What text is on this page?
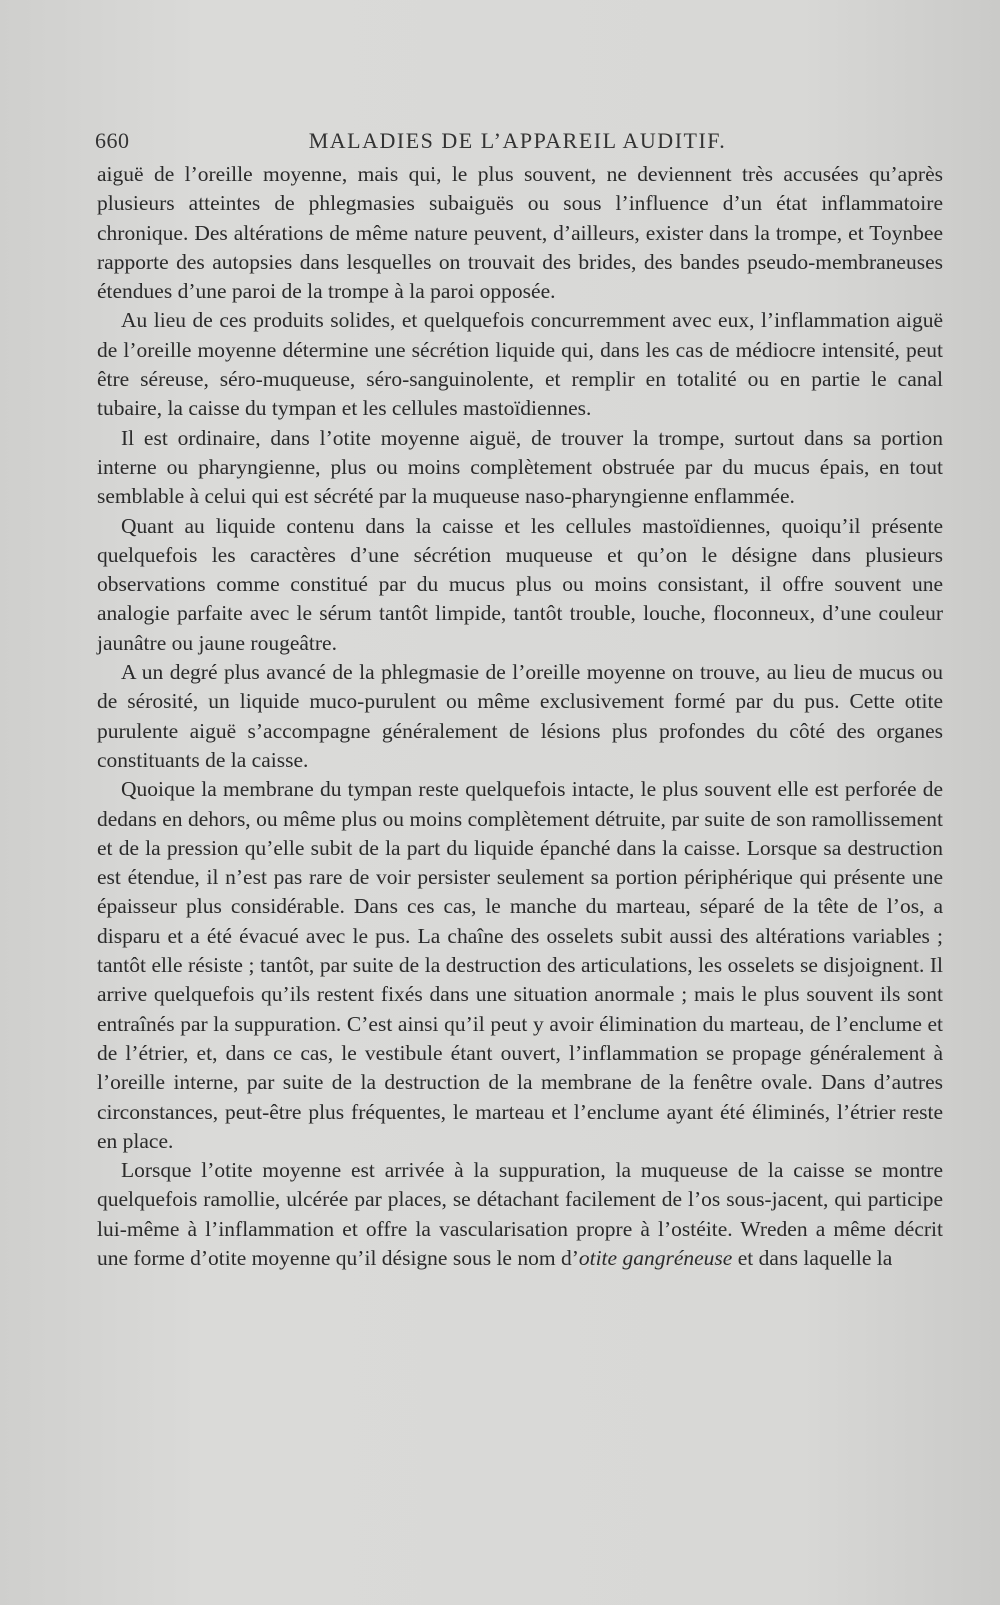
660	MALADIES DE L’APPAREIL AUDITIF.

aiguë de l’oreille moyenne, mais qui, le plus souvent, ne deviennent très accusées qu’après plusieurs atteintes de phlegmasies subaiguës ou sous l’influence d’un état inflammatoire chronique. Des altérations de même nature peuvent, d’ailleurs, exister dans la trompe, et Toynbee rapporte des autopsies dans lesquelles on trouvait des brides, des bandes pseudo-membraneuses étendues d’une paroi de la trompe à la paroi opposée.

Au lieu de ces produits solides, et quelquefois concurremment avec eux, l’inflammation aiguë de l’oreille moyenne détermine une sécrétion liquide qui, dans les cas de médiocre intensité, peut être séreuse, séro-muqueuse, séro-sanguinolente, et remplir en totalité ou en partie le canal tubaire, la caisse du tympan et les cellules mastoïdiennes.

Il est ordinaire, dans l’otite moyenne aiguë, de trouver la trompe, surtout dans sa portion interne ou pharyngienne, plus ou moins complètement obstruée par du mucus épais, en tout semblable à celui qui est sécrété par la muqueuse naso-pharyngienne enflammée.

Quant au liquide contenu dans la caisse et les cellules mastoïdiennes, quoiqu’il présente quelquefois les caractères d’une sécrétion muqueuse et qu’on le désigne dans plusieurs observations comme constitué par du mucus plus ou moins consistant, il offre souvent une analogie parfaite avec le sérum tantôt limpide, tantôt trouble, louche, floconneux, d’une couleur jaunâtre ou jaune rougeâtre.

A un degré plus avancé de la phlegmasie de l’oreille moyenne on trouve, au lieu de mucus ou de sérosité, un liquide muco-purulent ou même exclusivement formé par du pus. Cette otite purulente aiguë s’accompagne généralement de lésions plus profondes du côté des organes constituants de la caisse.

Quoique la membrane du tympan reste quelquefois intacte, le plus souvent elle est perforée de dedans en dehors, ou même plus ou moins complètement détruite, par suite de son ramollissement et de la pression qu’elle subit de la part du liquide épanché dans la caisse. Lorsque sa destruction est étendue, il n’est pas rare de voir persister seulement sa portion périphérique qui présente une épaisseur plus considérable. Dans ces cas, le manche du marteau, séparé de la tête de l’os, a disparu et a été évacué avec le pus. La chaîne des osselets subit aussi des altérations variables ; tantôt elle résiste ; tantôt, par suite de la destruction des articulations, les osselets se disjoignent. Il arrive quelquefois qu’ils restent fixés dans une situation anormale ; mais le plus souvent ils sont entraînés par la suppuration. C’est ainsi qu’il peut y avoir élimination du marteau, de l’enclume et de l’étrier, et, dans ce cas, le vestibule étant ouvert, l’inflammation se propage généralement à l’oreille interne, par suite de la destruction de la membrane de la fenêtre ovale. Dans d’autres circonstances, peut-être plus fréquentes, le marteau et l’enclume ayant été éliminés, l’étrier reste en place.

Lorsque l’otite moyenne est arrivée à la suppuration, la muqueuse de la caisse se montre quelquefois ramollie, ulcérée par places, se détachant facilement de l’os sous-jacent, qui participe lui-même à l’inflammation et offre la vascularisation propre à l’ostéite. Wreden a même décrit une forme d’otite moyenne qu’il désigne sous le nom d’otite gangréneuse et dans laquelle la
